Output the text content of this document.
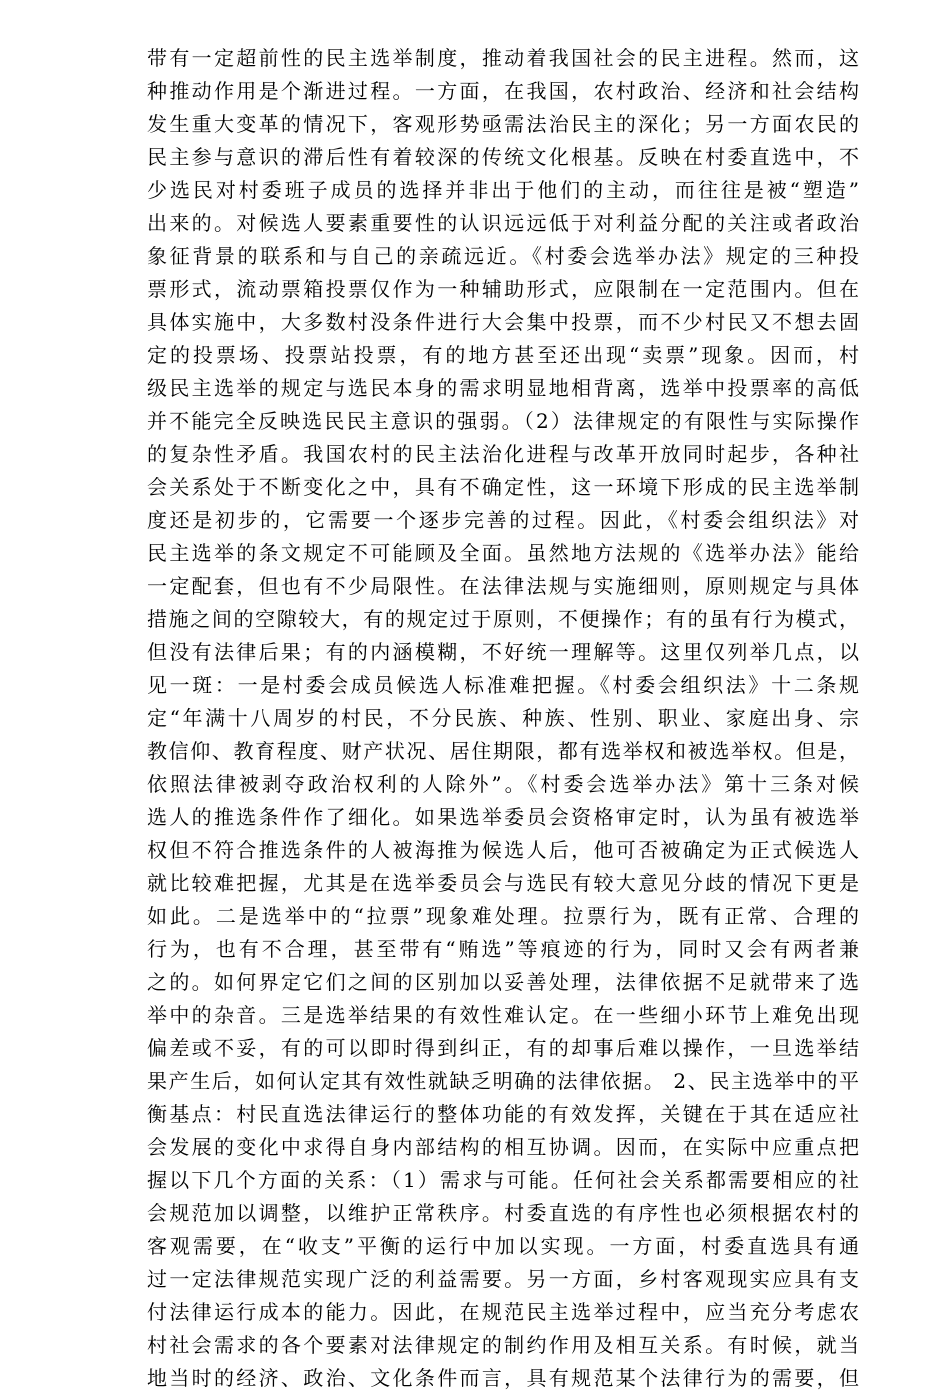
带有一定超前性的民主选举制度，推动着我国社会的民主进程。然而，这
种推动作用是个渐进过程。一方面，在我国，农村政治、经济和社会结构
发生重大变革的情况下，客观形势亟需法治民主的深化；另一方面农民的
民主参与意识的滞后性有着较深的传统文化根基。反映在村委直选中，不
少选民对村委班子成员的选择并非出于他们的主动，而往往是被“塑造”
出来的。对候选人要素重要性的认识远远低于对利益分配的关注或者政治
象征背景的联系和与自己的亲疏远近。《村委会选举办法》规定的三种投
票形式，流动票箱投票仅作为一种辅助形式，应限制在一定范围内。但在
具体实施中，大多数村没条件进行大会集中投票，而不少村民又不想去固
定的投票场、投票站投票，有的地方甚至还出现“卖票”现象。因而，村
级民主选举的规定与选民本身的需求明显地相背离，选举中投票率的高低
并不能完全反映选民民主意识的强弱。（2）法律规定的有限性与实际操作
的复杂性矛盾。我国农村的民主法治化进程与改革开放同时起步，各种社
会关系处于不断变化之中，具有不确定性，这一环境下形成的民主选举制
度还是初步的，它需要一个逐步完善的过程。因此，《村委会组织法》对
民主选举的条文规定不可能顾及全面。虽然地方法规的《选举办法》能给
一定配套，但也有不少局限性。在法律法规与实施细则，原则规定与具体
措施之间的空隙较大，有的规定过于原则，不便操作；有的虽有行为模式，
但没有法律后果；有的内涵模糊，不好统一理解等。这里仅列举几点，以
见一斑：一是村委会成员候选人标准难把握。《村委会组织法》十二条规
定“年满十八周岁的村民，不分民族、种族、性别、职业、家庭出身、宗
教信仰、教育程度、财产状况、居住期限，都有选举权和被选举权。但是，
依照法律被剥夺政治权利的人除外”。《村委会选举办法》第十三条对候
选人的推选条件作了细化。如果选举委员会资格审定时，认为虽有被选举
权但不符合推选条件的人被海推为候选人后，他可否被确定为正式候选人
就比较难把握，尤其是在选举委员会与选民有较大意见分歧的情况下更是
如此。二是选举中的“拉票”现象难处理。拉票行为，既有正常、合理的
行为，也有不合理，甚至带有“贿选”等痕迹的行为，同时又会有两者兼
之的。如何界定它们之间的区别加以妥善处理，法律依据不足就带来了选
举中的杂音。三是选举结果的有效性难认定。在一些细小环节上难免出现
偏差或不妥，有的可以即时得到纠正，有的却事后难以操作，一旦选举结
果产生后，如何认定其有效性就缺乏明确的法律依据。 2、民主选举中的平
衡基点：村民直选法律运行的整体功能的有效发挥，关键在于其在适应社
会发展的变化中求得自身内部结构的相互协调。因而，在实际中应重点把
握以下几个方面的关系：（1）需求与可能。任何社会关系都需要相应的社
会规范加以调整，以维护正常秩序。村委直选的有序性也必须根据农村的
客观需要，在“收支”平衡的运行中加以实现。一方面，村委直选具有通
过一定法律规范实现广泛的利益需要。另一方面，乡村客观现实应具有支
付法律运行成本的能力。因此，在规范民主选举过程中，应当充分考虑农
村社会需求的各个要素对法律规定的制约作用及相互关系。有时候，就当
地当时的经济、政治、文化条件而言，具有规范某个法律行为的需要，但
